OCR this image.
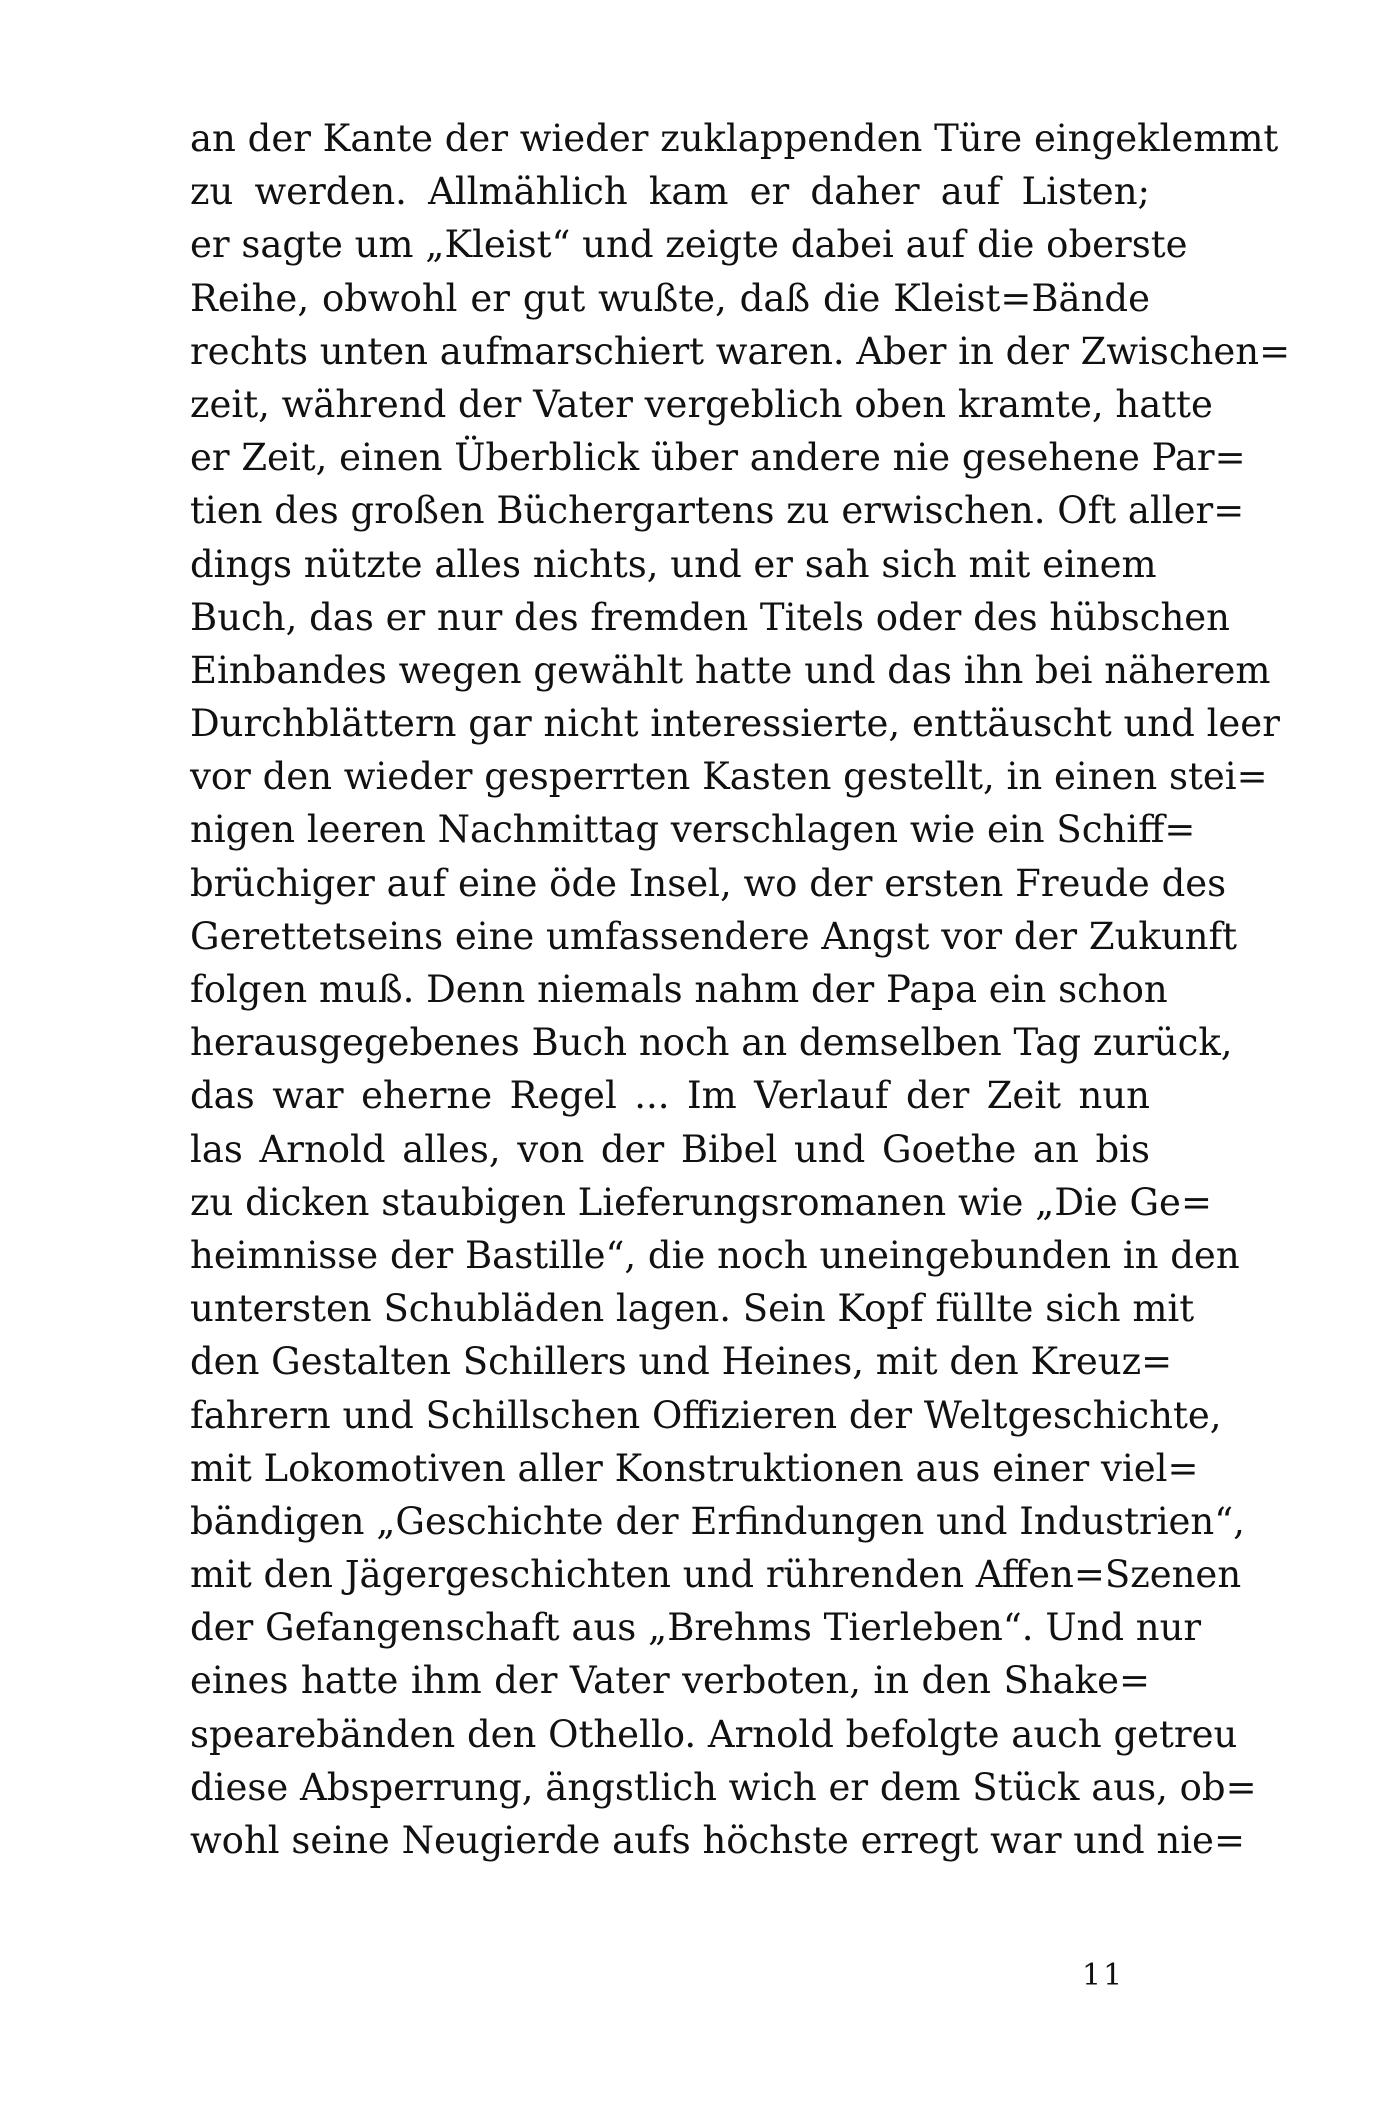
an der Kante der wieder zuklappenden Türe eingeklemmt
zu werden. Allmählich kam er daher auf Listen;
er sagte um „Kleist“ und zeigte dabei auf die oberste
Reihe, obwohl er gut wußte, daß die Kleist=Bände
rechts unten aufmarschiert waren. Aber in der Zwischen=
zeit, während der Vater vergeblich oben kramte, hatte
er Zeit, einen Überblick über andere nie gesehene Par=
tien des großen Büchergartens zu erwischen. Oft aller=
dings nützte alles nichts, und er sah sich mit einem
Buch, das er nur des fremden Titels oder des hübschen
Einbandes wegen gewählt hatte und das ihn bei näherem
Durchblättern gar nicht interessierte, enttäuscht und leer
vor den wieder gesperrten Kasten gestellt, in einen stei=
nigen leeren Nachmittag verschlagen wie ein Schiff=
brüchiger auf eine öde Insel, wo der ersten Freude des
Gerettetseins eine umfassendere Angst vor der Zukunft
folgen muß. Denn niemals nahm der Papa ein schon
herausgegebenes Buch noch an demselben Tag zurück,
das war eherne Regel ... Im Verlauf der Zeit nun
las Arnold alles, von der Bibel und Goethe an bis
zu dicken staubigen Lieferungsromanen wie „Die Ge=
heimnisse der Bastille“, die noch uneingebunden in den
untersten Schubläden lagen. Sein Kopf füllte sich mit
den Gestalten Schillers und Heines, mit den Kreuz=
fahrern und Schillschen Offizieren der Weltgeschichte,
mit Lokomotiven aller Konstruktionen aus einer viel=
bändigen „Geschichte der Erfindungen und Industrien“,
mit den Jägergeschichten und rührenden Affen=Szenen
der Gefangenschaft aus „Brehms Tierleben“. Und nur
eines hatte ihm der Vater verboten, in den Shake=
spearebänden den Othello. Arnold befolgte auch getreu
diese Absperrung, ängstlich wich er dem Stück aus, ob=
wohl seine Neugierde aufs höchste erregt war und nie=
11
